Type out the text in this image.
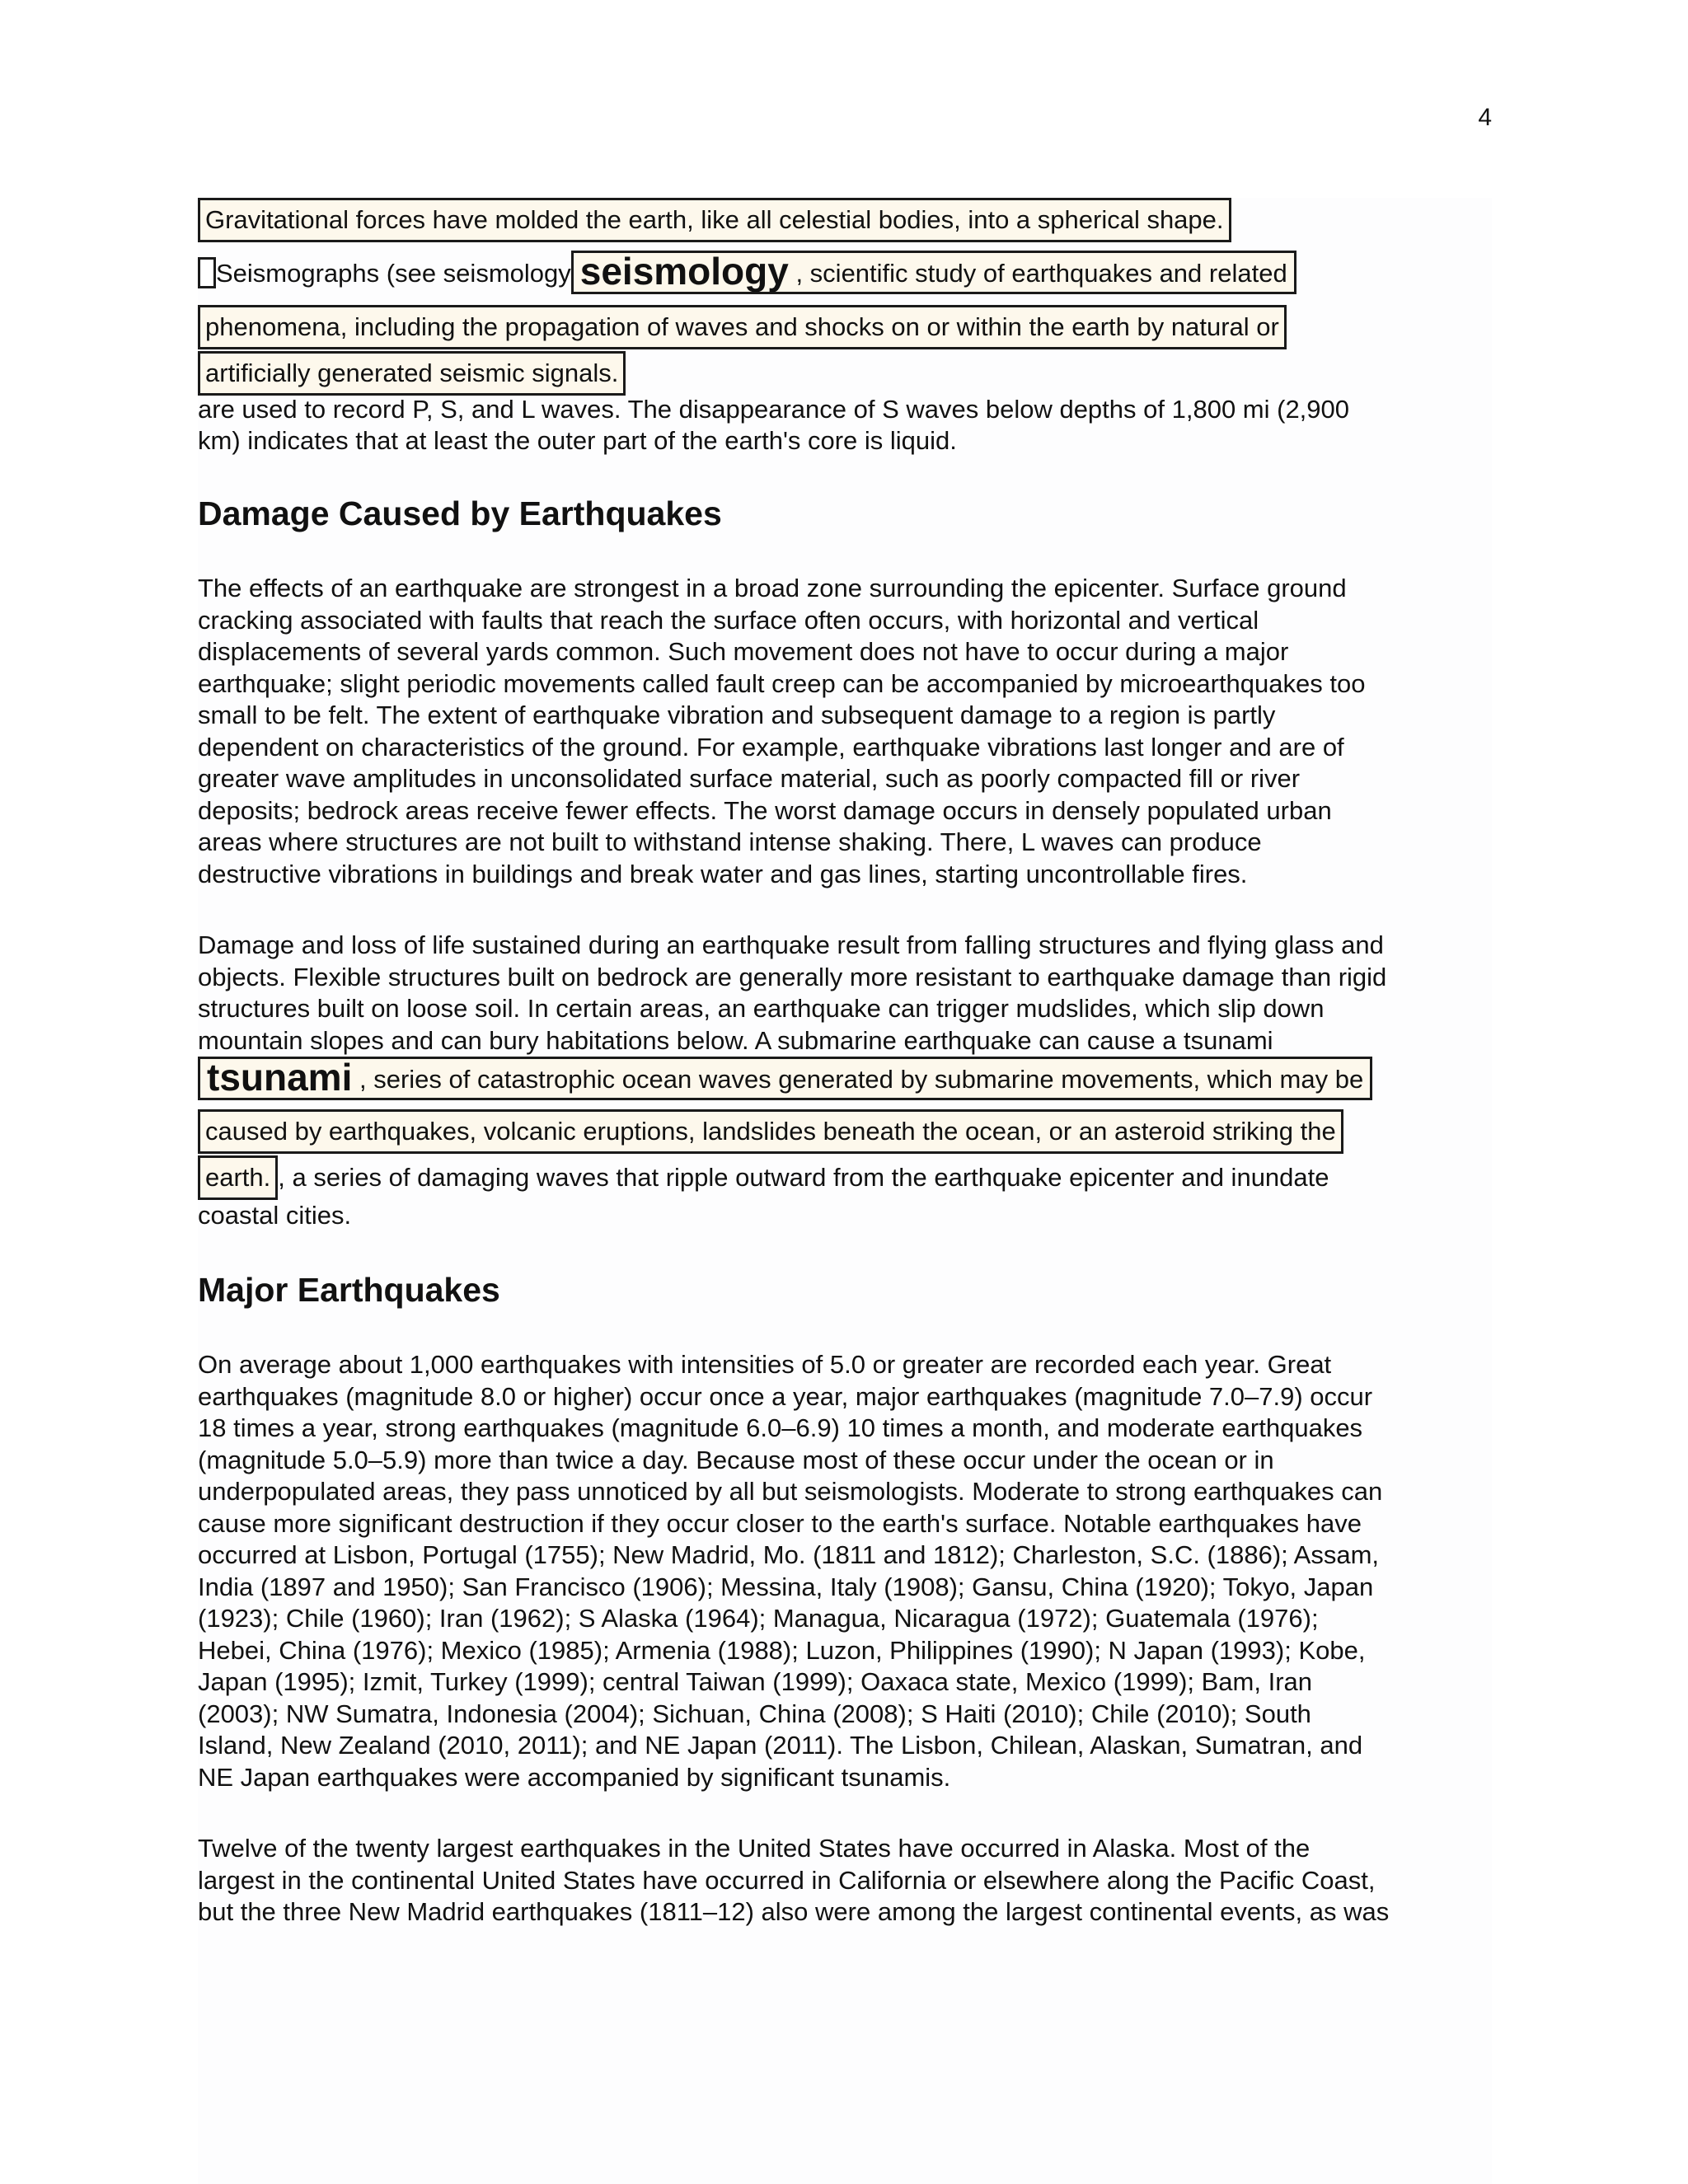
4
Gravitational forces have molded the earth, like all celestial bodies, into a spherical shape.
Seismographs (see seismology seismology , scientific study of earthquakes and related
phenomena, including the propagation of waves and shocks on or within the earth by natural or
artificially generated seismic signals.
are used to record P, S, and L waves. The disappearance of S waves below depths of 1,800 mi (2,900
km) indicates that at least the outer part of the earth's core is liquid.
Damage Caused by Earthquakes
The effects of an earthquake are strongest in a broad zone surrounding the epicenter. Surface ground
cracking associated with faults that reach the surface often occurs, with horizontal and vertical
displacements of several yards common. Such movement does not have to occur during a major
earthquake; slight periodic movements called fault creep can be accompanied by microearthquakes too
small to be felt. The extent of earthquake vibration and subsequent damage to a region is partly
dependent on characteristics of the ground. For example, earthquake vibrations last longer and are of
greater wave amplitudes in unconsolidated surface material, such as poorly compacted fill or river
deposits; bedrock areas receive fewer effects. The worst damage occurs in densely populated urban
areas where structures are not built to withstand intense shaking. There, L waves can produce
destructive vibrations in buildings and break water and gas lines, starting uncontrollable fires.
Damage and loss of life sustained during an earthquake result from falling structures and flying glass and
objects. Flexible structures built on bedrock are generally more resistant to earthquake damage than rigid
structures built on loose soil. In certain areas, an earthquake can trigger mudslides, which slip down
mountain slopes and can bury habitations below. A submarine earthquake can cause a tsunami
tsunami , series of catastrophic ocean waves generated by submarine movements, which may be
caused by earthquakes, volcanic eruptions, landslides beneath the ocean, or an asteroid striking the
earth. , a series of damaging waves that ripple outward from the earthquake epicenter and inundate
coastal cities.
Major Earthquakes
On average about 1,000 earthquakes with intensities of 5.0 or greater are recorded each year. Great
earthquakes (magnitude 8.0 or higher) occur once a year, major earthquakes (magnitude 7.0–7.9) occur
18 times a year, strong earthquakes (magnitude 6.0–6.9) 10 times a month, and moderate earthquakes
(magnitude 5.0–5.9) more than twice a day. Because most of these occur under the ocean or in
underpopulated areas, they pass unnoticed by all but seismologists. Moderate to strong earthquakes can
cause more significant destruction if they occur closer to the earth's surface. Notable earthquakes have
occurred at Lisbon, Portugal (1755); New Madrid, Mo. (1811 and 1812); Charleston, S.C. (1886); Assam,
India (1897 and 1950); San Francisco (1906); Messina, Italy (1908); Gansu, China (1920); Tokyo, Japan
(1923); Chile (1960); Iran (1962); S Alaska (1964); Managua, Nicaragua (1972); Guatemala (1976);
Hebei, China (1976); Mexico (1985); Armenia (1988); Luzon, Philippines (1990); N Japan (1993); Kobe,
Japan (1995); Izmit, Turkey (1999); central Taiwan (1999); Oaxaca state, Mexico (1999); Bam, Iran
(2003); NW Sumatra, Indonesia (2004); Sichuan, China (2008); S Haiti (2010); Chile (2010); South
Island, New Zealand (2010, 2011); and NE Japan (2011). The Lisbon, Chilean, Alaskan, Sumatran, and
NE Japan earthquakes were accompanied by significant tsunamis.
Twelve of the twenty largest earthquakes in the United States have occurred in Alaska. Most of the
largest in the continental United States have occurred in California or elsewhere along the Pacific Coast,
but the three New Madrid earthquakes (1811–12) also were among the largest continental events, as was
